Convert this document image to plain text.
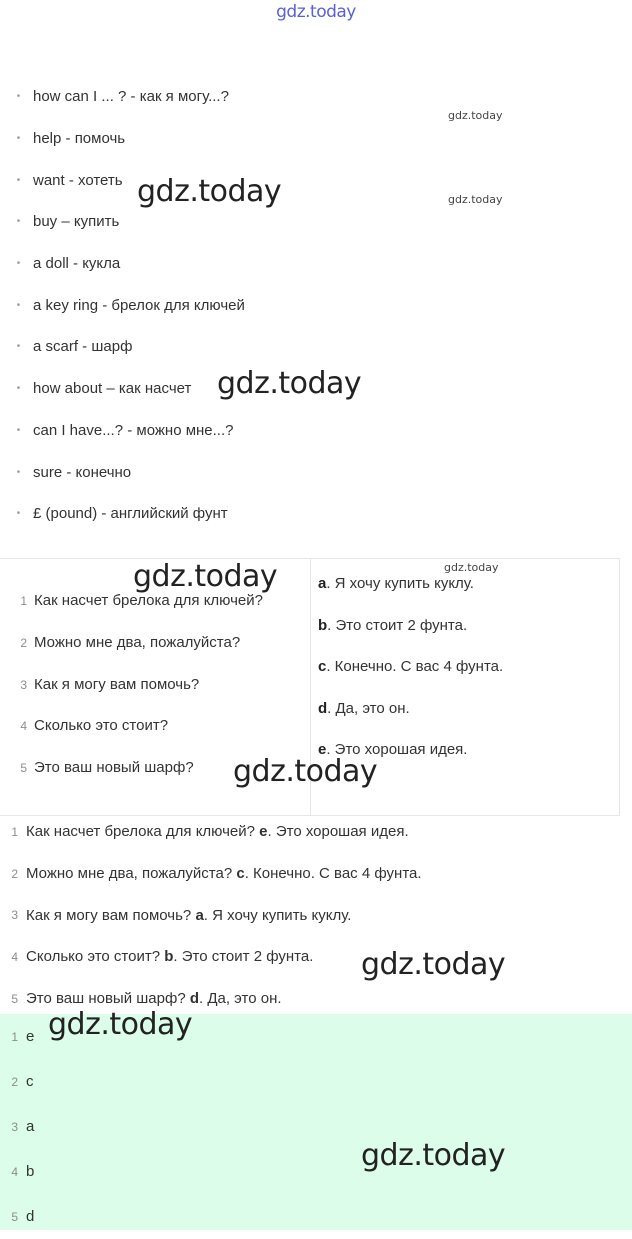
gdz.today
• how can I ... ? - как я могу...?
• help - помочь
• want - хотеть
• buy – купить
• a doll - кукла
• a key ring - брелок для ключей
• a scarf - шарф
• how about – как насчет
• can I have...? - можно мне...?
• sure - конечно
• £ (pound) - английский фунт
1 Как насчет брелока для ключей?
2 Можно мне два, пожалуйста?
3 Как я могу вам помочь?
4 Сколько это стоит?
5 Это ваш новый шарф?
a . Я хочу купить куклу.
b . Это стоит 2 фунта.
c . Конечно. С вас 4 фунта.
d . Да, это он.
e . Это хорошая идея.
1 Как насчет брелока для ключей?
e . Это хорошая идея.
2 Можно мне два, пожалуйста?
c . Конечно. С вас 4 фунта.
3 Как я могу вам помочь?
a . Я хочу купить куклу.
4 Сколько это стоит?
b . Это стоит 2 фунта.
5 Это ваш новый шарф?
d . Да, это он.
1 e
2 c
3 a
4 b
5 d
gdz.today
gdz.today
gdz.today
gdz.today
gdz.today
gdz.today
gdz.today
gdz.today
gdz.today
gdz.today
